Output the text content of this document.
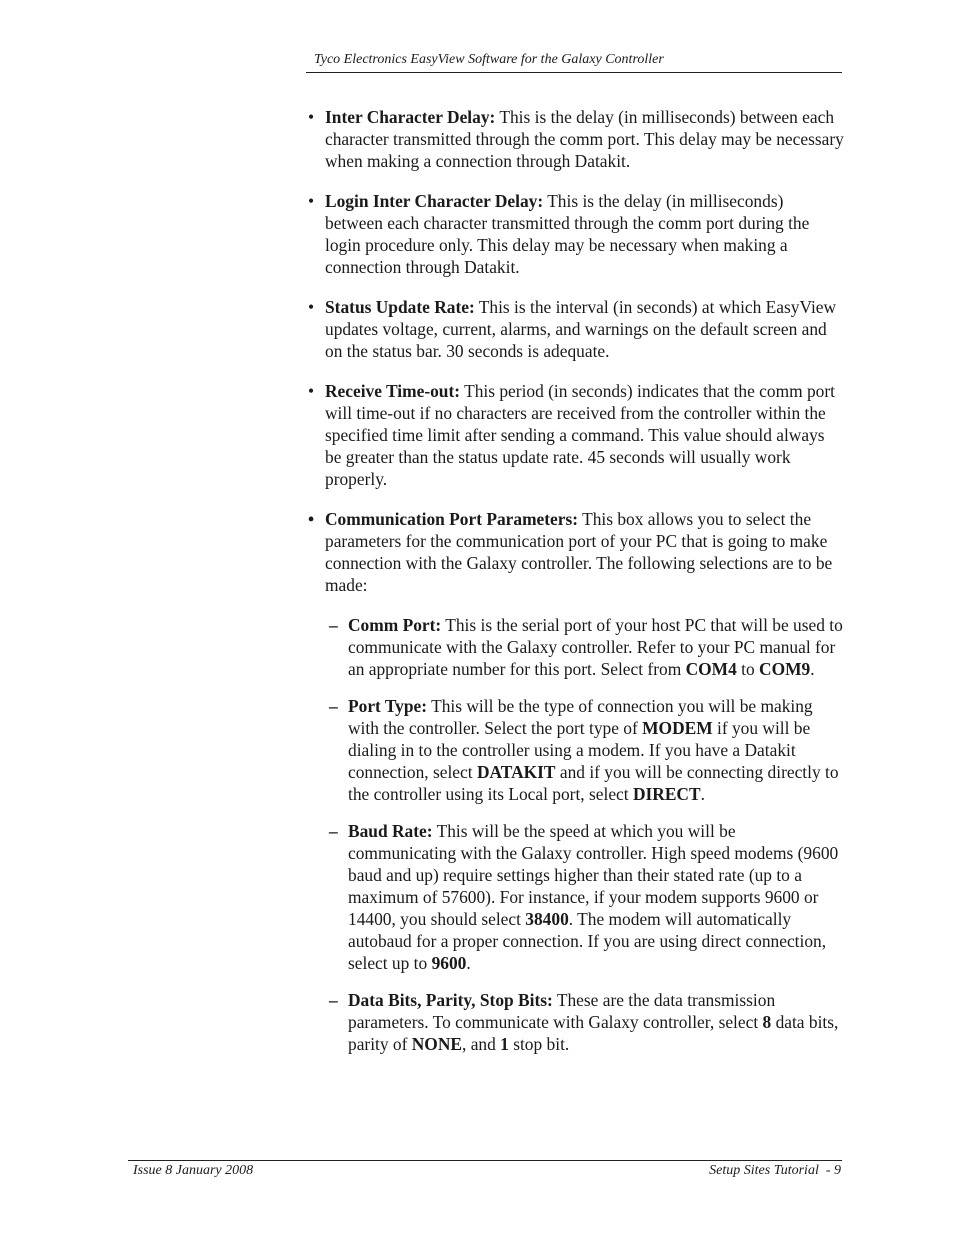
Tyco Electronics EasyView Software for the Galaxy Controller
• Inter Character Delay: This is the delay (in milliseconds) between each character transmitted through the comm port. This delay may be necessary when making a connection through Datakit.
• Login Inter Character Delay: This is the delay (in milliseconds) between each character transmitted through the comm port during the login procedure only. This delay may be necessary when making a connection through Datakit.
• Status Update Rate: This is the interval (in seconds) at which EasyView updates voltage, current, alarms, and warnings on the default screen and on the status bar. 30 seconds is adequate.
• Receive Time-out: This period (in seconds) indicates that the comm port will time-out if no characters are received from the controller within the specified time limit after sending a command. This value should always be greater than the status update rate. 45 seconds will usually work properly.
• Communication Port Parameters: This box allows you to select the parameters for the communication port of your PC that is going to make connection with the Galaxy controller. The following selections are to be made:
– Comm Port: This is the serial port of your host PC that will be used to communicate with the Galaxy controller. Refer to your PC manual for an appropriate number for this port. Select from COM4 to COM9.
– Port Type: This will be the type of connection you will be making with the controller. Select the port type of MODEM if you will be dialing in to the controller using a modem. If you have a Datakit connection, select DATAKIT and if you will be connecting directly to the controller using its Local port, select DIRECT.
– Baud Rate: This will be the speed at which you will be communicating with the Galaxy controller. High speed modems (9600 baud and up) require settings higher than their stated rate (up to a maximum of 57600). For instance, if your modem supports 9600 or 14400, you should select 38400. The modem will automatically autobaud for a proper connection. If you are using direct connection, select up to 9600.
– Data Bits, Parity, Stop Bits: These are the data transmission parameters. To communicate with Galaxy controller, select 8 data bits, parity of NONE, and 1 stop bit.
Issue 8 January 2008	Setup Sites Tutorial  - 9
